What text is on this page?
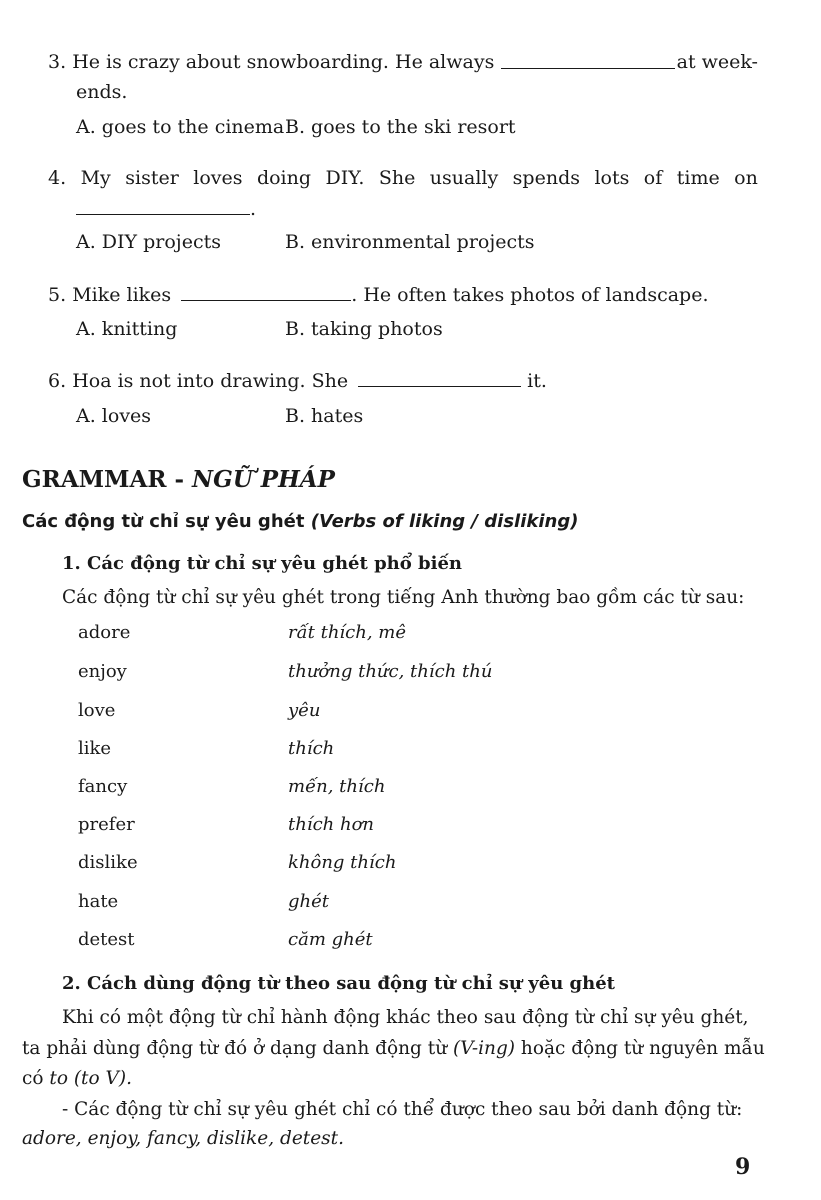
3. He is crazy about snowboarding. He always	at week-
ends.
A. goes to the cinema B. goes to the ski resort
4. My sister loves doing DIY. She usually spends lots of time on
.
A. DIY projects	B. environmental projects
5. Mike likes	. He often takes photos of landscape.
A. knitting	B. taking photos
6. Hoa is not into drawing. She	it.
A. loves	B. hates
GRAMMAR - NGỮ PHÁP
Các động từ chỉ sự yêu ghét (Verbs of liking / disliking)
1. Các động từ chỉ sự yêu ghét phổ biến
Các động từ chỉ sự yêu ghét trong tiếng Anh thường bao gồm các từ sau:
adore	rất thích, mê
enjoy	thưởng thức, thích thú
love	yêu
like	thích
fancy	mến, thích
prefer	thích hơn
dislike	không thích
hate	ghét
detest	căm ghét
2. Cách dùng động từ theo sau động từ chỉ sự yêu ghét
Khi có một động từ chỉ hành động khác theo sau động từ chỉ sự yêu ghét,
ta phải dùng động từ đó ở dạng danh động từ (V-ing) hoặc động từ nguyên mẫu
có to (to V).
- Các động từ chỉ sự yêu ghét chỉ có thể được theo sau bởi danh động từ:
adore, enjoy, fancy, dislike, detest.
9
